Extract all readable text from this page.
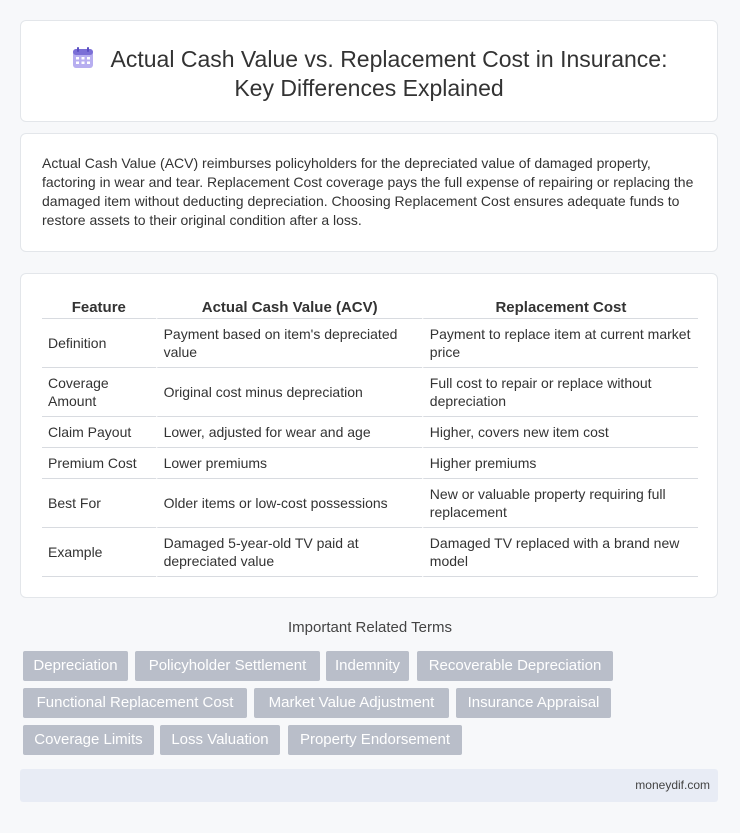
Actual Cash Value vs. Replacement Cost in Insurance:
Key Differences Explained

Actual Cash Value (ACV) reimburses policyholders for the depreciated value of damaged property, factoring in wear and tear. Replacement Cost coverage pays the full expense of repairing or replacing the damaged item without deducting depreciation. Choosing Replacement Cost ensures adequate funds to restore assets to their original condition after a loss.

Feature	Actual Cash Value (ACV)	Replacement Cost
Definition	Payment based on item's depreciated value	Payment to replace item at current market price
Coverage Amount	Original cost minus depreciation	Full cost to repair or replace without depreciation
Claim Payout	Lower, adjusted for wear and age	Higher, covers new item cost
Premium Cost	Lower premiums	Higher premiums
Best For	Older items or low-cost possessions	New or valuable property requiring full replacement
Example	Damaged 5-year-old TV paid at depreciated value	Damaged TV replaced with a brand new model
Important Related Terms
Depreciation	Policyholder Settlement	Indemnity	Recoverable Depreciation
Functional Replacement Cost	Market Value Adjustment	Insurance Appraisal
Coverage Limits	Loss Valuation	Property Endorsement
moneydif.com
